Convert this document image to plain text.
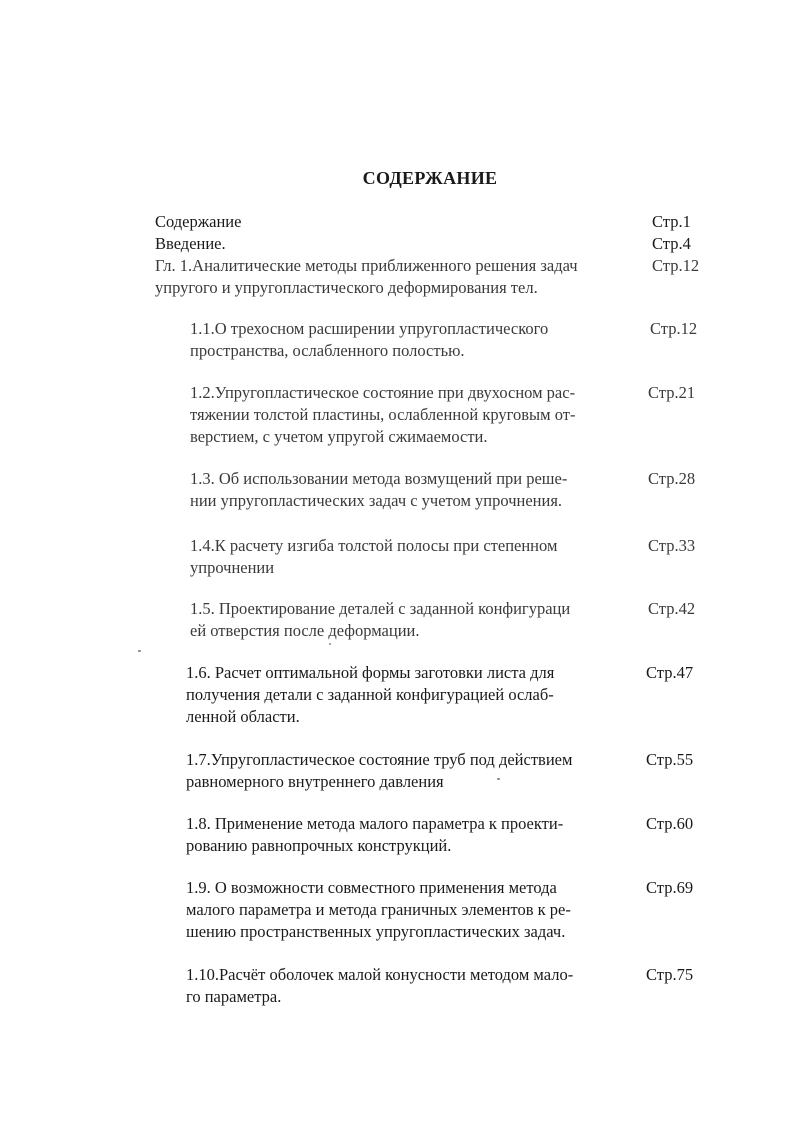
СОДЕРЖАНИЕ
Содержание	Стр.1
Введение.	Стр.4
Гл. 1.Аналитические методы приближенного решения задач
упругого и упругопластического деформирования тел.
Стр.12
1.1.О трехосном расширении упругопластического
пространства, ослабленного полостью.
Стр.12
1.2.Упругопластическое состояние при двухосном рас-
тяжении толстой пластины, ослабленной круговым от-
верстием, с учетом упругой сжимаемости.
Стр.21
1.3. Об использовании метода возмущений при реше-
нии упругопластических задач с учетом упрочнения.
Стр.28
1.4.К расчету изгиба толстой полосы при степенном
упрочнении
Стр.33
1.5. Проектирование деталей с заданной конфигураци
ей отверстия после деформации.
Стр.42
1.6. Расчет оптимальной формы заготовки листа для
получения детали с заданной конфигурацией ослаб-
ленной области.
Стр.47
1.7.Упругопластическое состояние труб под действием
равномерного внутреннего давления
Стр.55
1.8. Применение метода малого параметра к проекти-
рованию равнопрочных конструкций.
Стр.60
1.9. О возможности совместного применения метода
малого параметра и метода граничных элементов к ре-
шению пространственных упругопластических задач.
Стр.69
1.10.Расчёт оболочек малой конусности методом мало-
го параметра.
Стр.75
